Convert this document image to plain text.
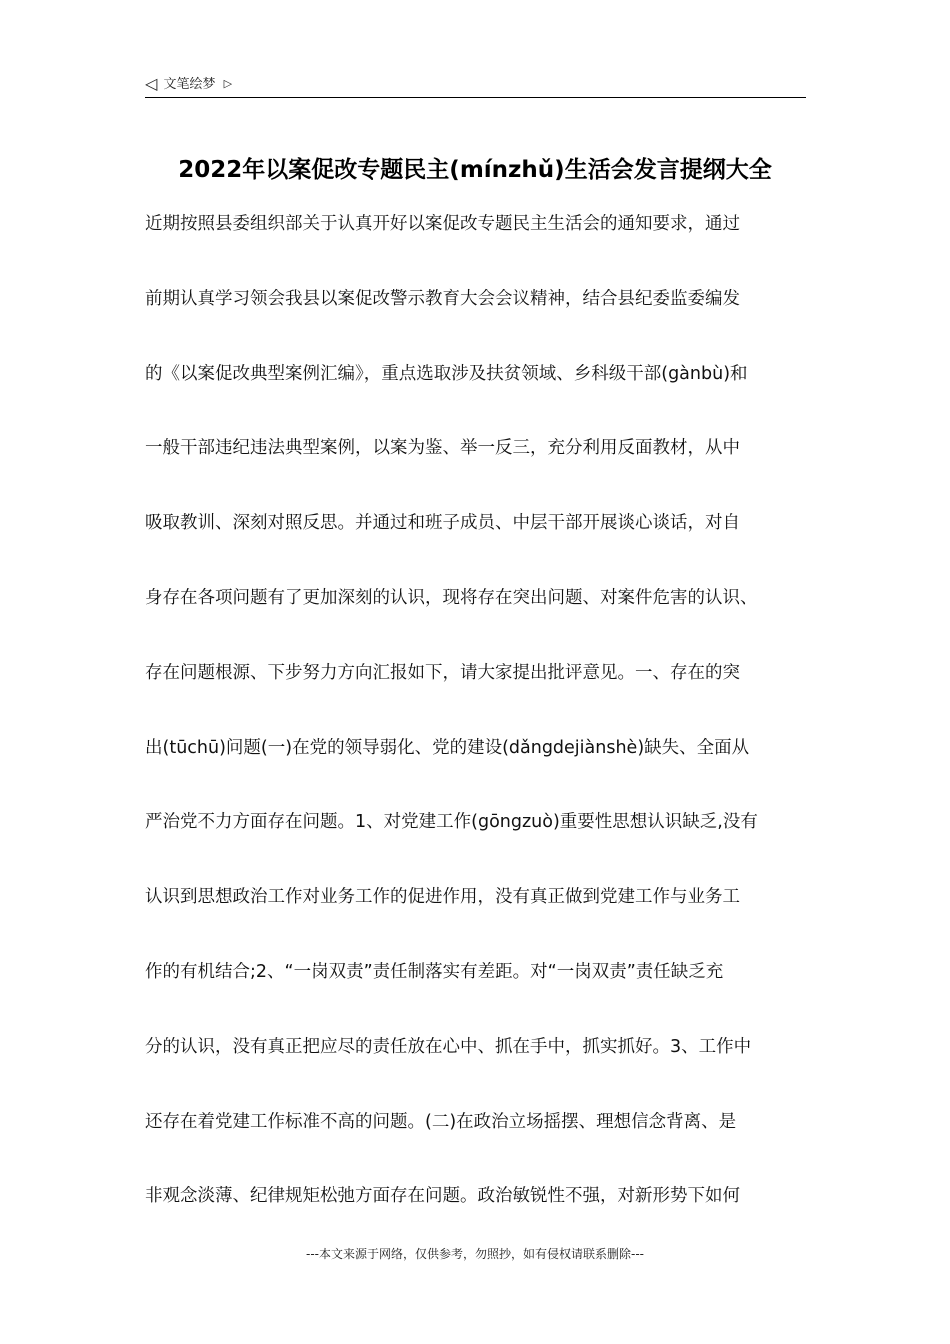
◁ 文笔绘梦 ▷
2022年以案促改专题民主(mínzhǔ)生活会发言提纲大全
近期按照县委组织部关于认真开好以案促改专题民主生活会的通知要求，通过
前期认真学习领会我县以案促改警示教育大会会议精神，结合县纪委监委编发
的《以案促改典型案例汇编》，重点选取涉及扶贫领域、乡科级干部(gànbù)和
一般干部违纪违法典型案例，以案为鉴、举一反三，充分利用反面教材，从中
吸取教训、深刻对照反思。并通过和班子成员、中层干部开展谈心谈话，对自
身存在各项问题有了更加深刻的认识，现将存在突出问题、对案件危害的认识、
存在问题根源、下步努力方向汇报如下，请大家提出批评意见。一、存在的突
出(tūchū)问题(一)在党的领导弱化、党的建设(dǎngdejiànshè)缺失、全面从
严治党不力方面存在问题。1、对党建工作(gōngzuò)重要性思想认识缺乏,没有
认识到思想政治工作对业务工作的促进作用，没有真正做到党建工作与业务工
作的有机结合;2、“一岗双责”责任制落实有差距。对“一岗双责”责任缺乏充
分的认识，没有真正把应尽的责任放在心中、抓在手中，抓实抓好。3、工作中
还存在着党建工作标准不高的问题。(二)在政治立场摇摆、理想信念背离、是
非观念淡薄、纪律规矩松弛方面存在问题。政治敏锐性不强，对新形势下如何
---本文来源于网络，仅供参考，勿照抄，如有侵权请联系删除---
